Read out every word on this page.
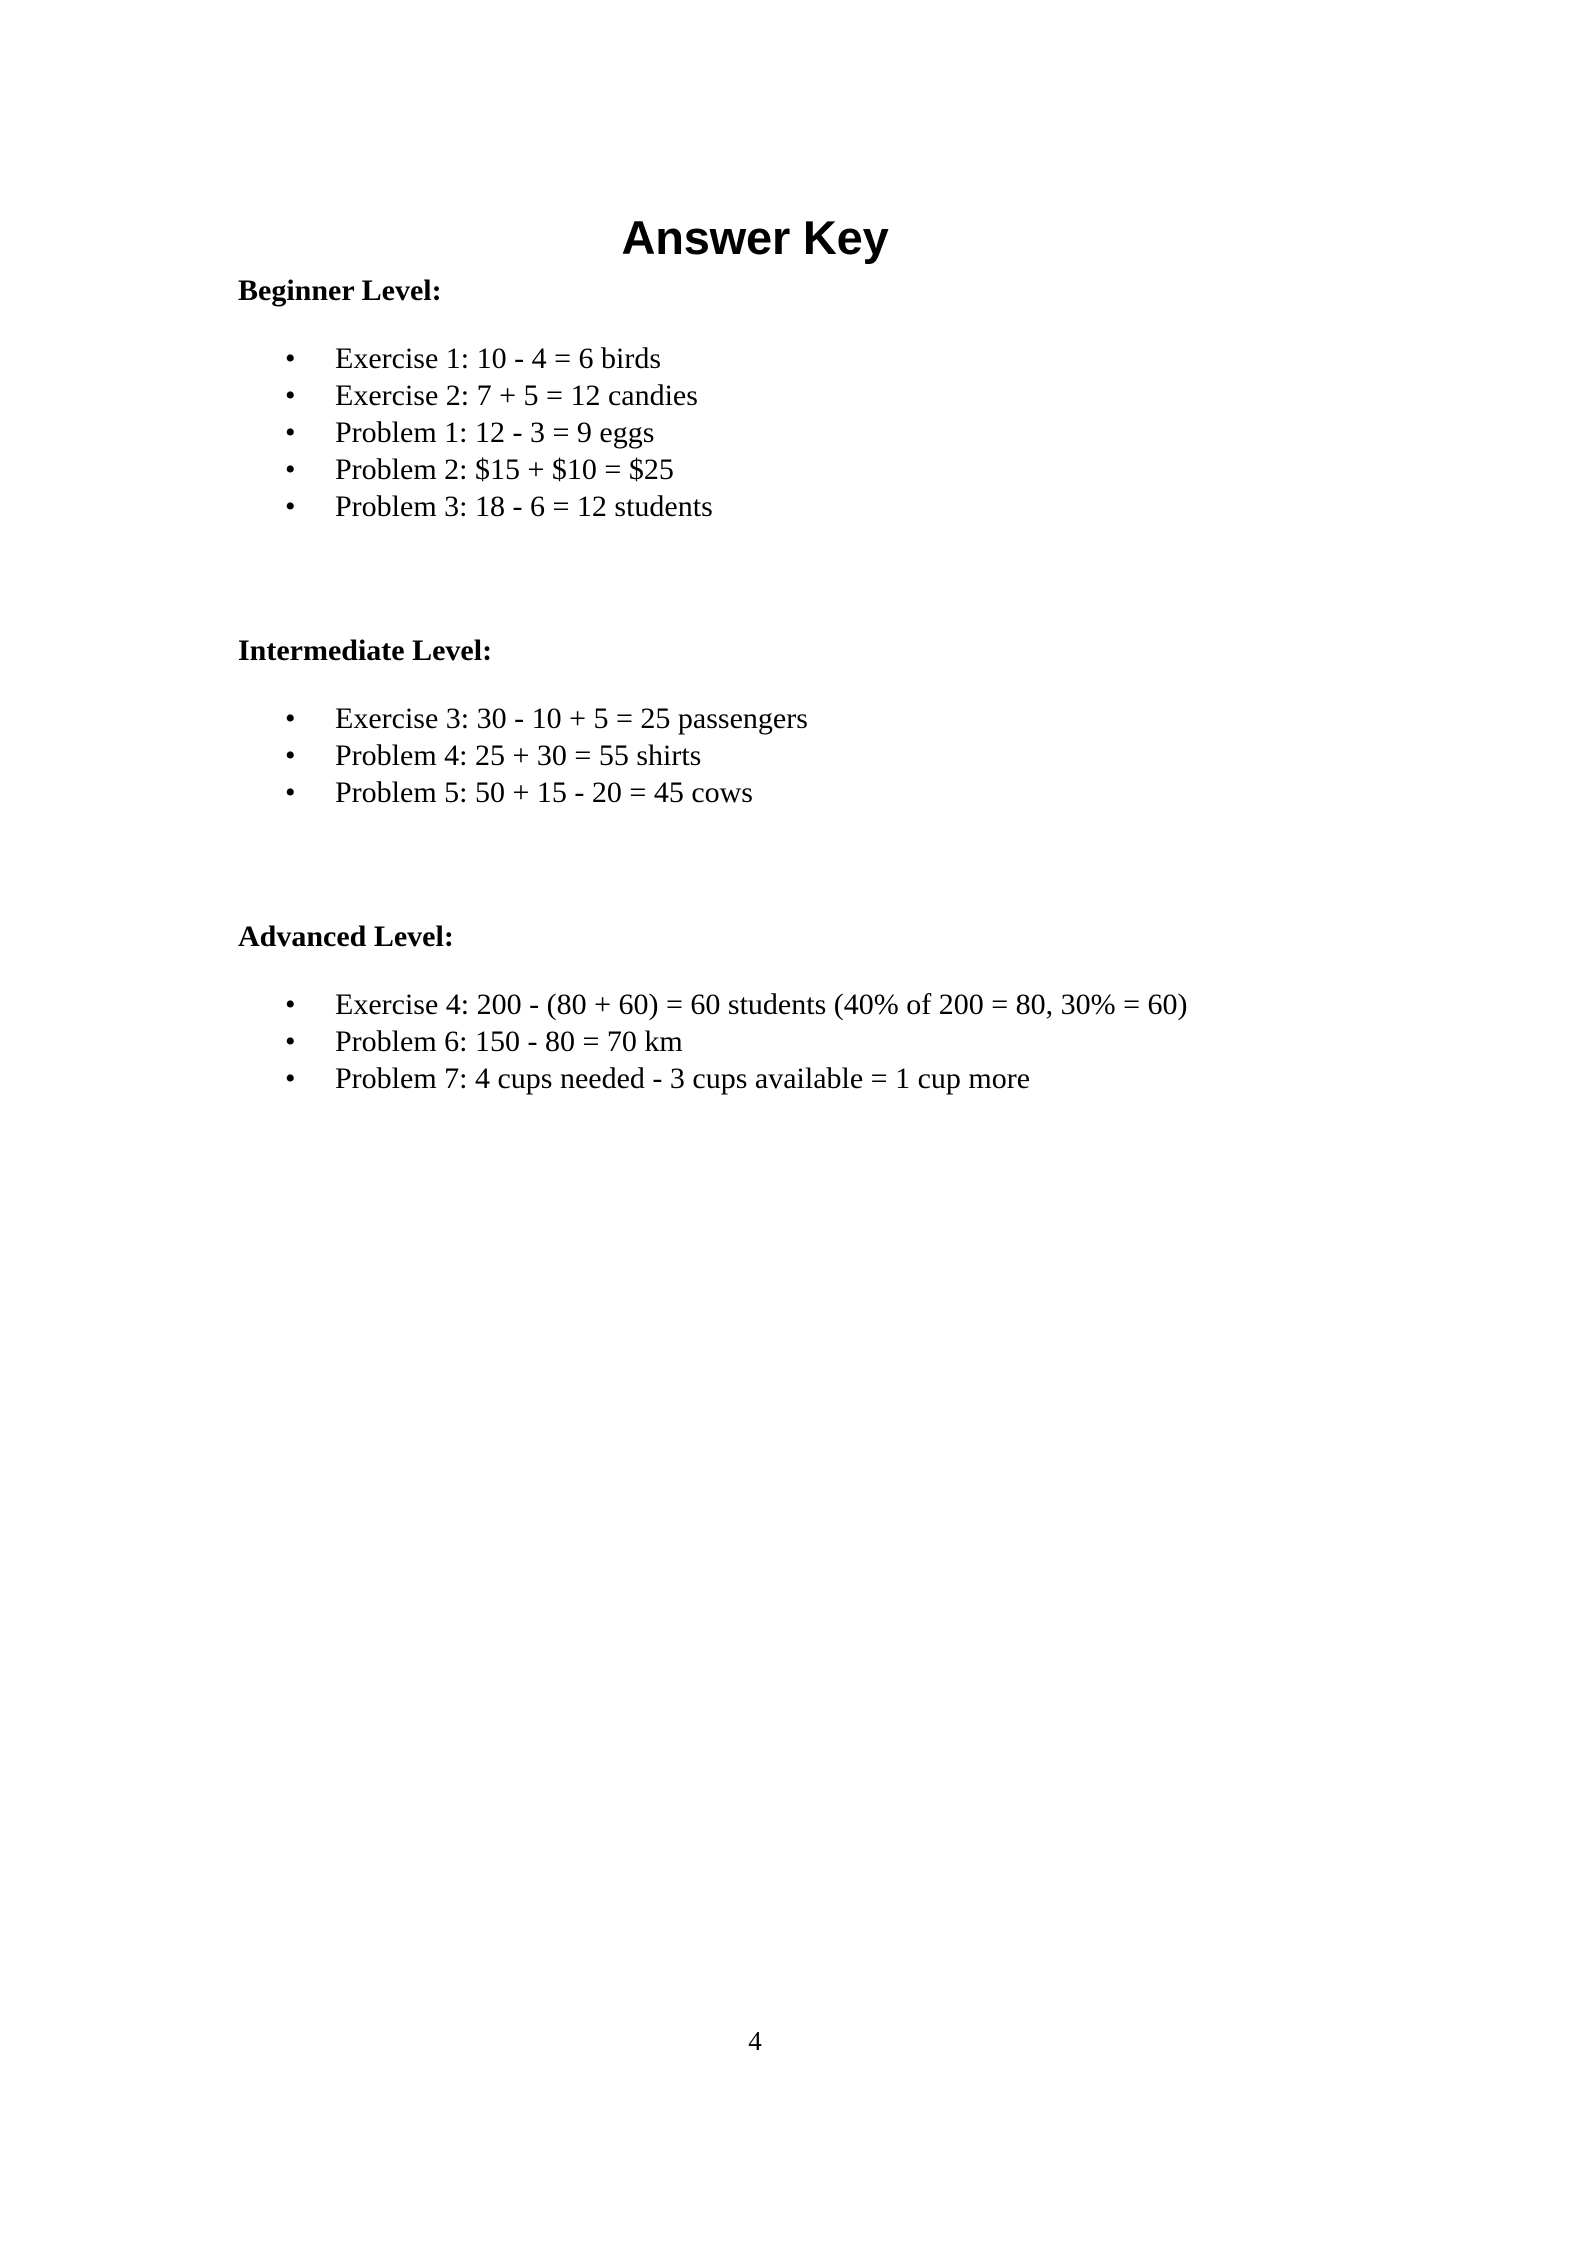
Answer Key
Beginner Level:
• Exercise 1: 10 - 4 = 6 birds
• Exercise 2: 7 + 5 = 12 candies
• Problem 1: 12 - 3 = 9 eggs
• Problem 2: $15 + $10 = $25
• Problem 3: 18 - 6 = 12 students
Intermediate Level:
• Exercise 3: 30 - 10 + 5 = 25 passengers
• Problem 4: 25 + 30 = 55 shirts
• Problem 5: 50 + 15 - 20 = 45 cows
Advanced Level:
• Exercise 4: 200 - (80 + 60) = 60 students (40% of 200 = 80, 30% = 60)
• Problem 6: 150 - 80 = 70 km
• Problem 7: 4 cups needed - 3 cups available = 1 cup more
4
